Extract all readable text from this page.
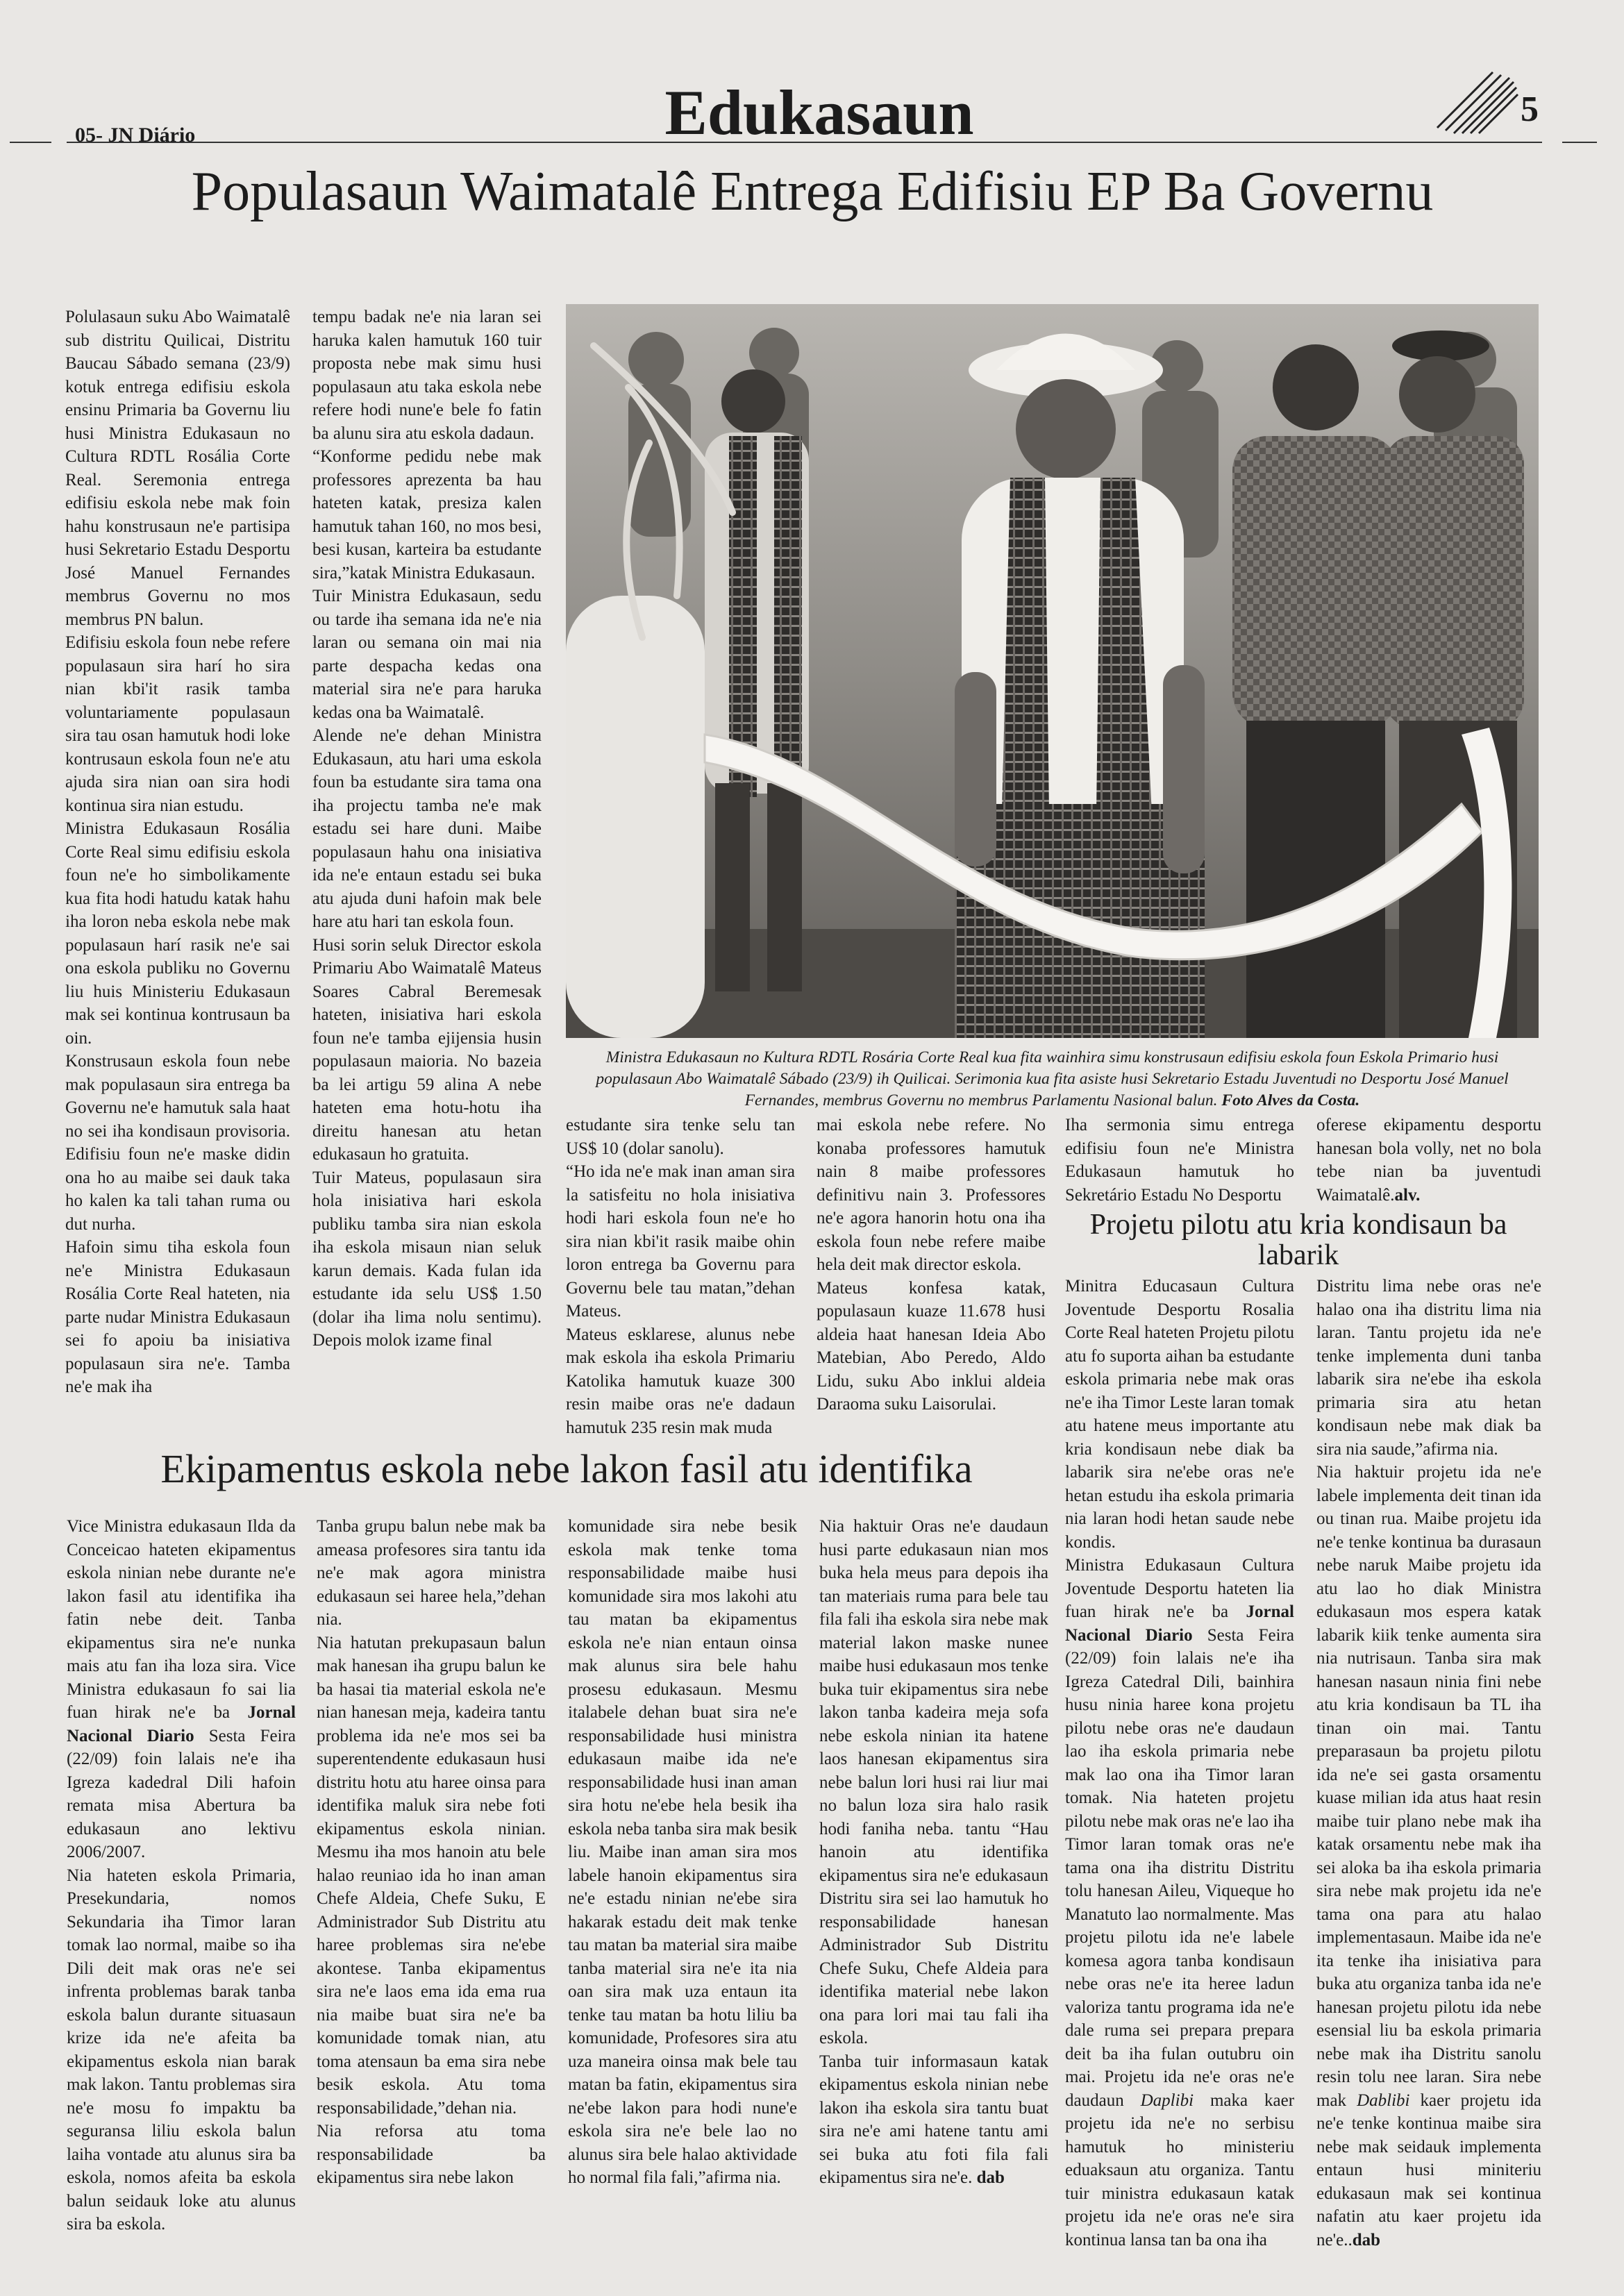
05- JN Diário	Edukasaun	5
Populasaun Waimatalê Entrega Edifisiu EP Ba Governu

Polulasaun suku Abo Waimatalê sub distritu Quilicai, Distritu Baucau Sábado semana (23/9) kotuk entrega edifisiu eskola ensinu Primaria ba Governu liu husi Ministra Edukasaun no Cultura RDTL Rosália Corte Real. Seremonia entrega edifisiu eskola nebe mak foin hahu konstrusaun ne'e partisipa husi Sekretario Estadu Desportu José Manuel Fernandes membrus Governu no mos membrus PN balun.

Edifisiu eskola foun nebe refere populasaun sira harí ho sira nian kbi'it rasik tamba voluntariamente populasaun sira tau osan hamutuk hodi loke kontrusaun eskola foun ne'e atu ajuda sira nian oan sira hodi kontinua sira nian estudu.

Ministra Edukasaun Rosália Corte Real simu edifisiu eskola foun ne'e ho simbolikamente kua fita hodi hatudu katak hahu iha loron neba eskola nebe mak populasaun harí rasik ne'e sai ona eskola publiku no Governu liu huis Ministeriu Edukasaun mak sei kontinua kontrusaun ba oin.

Konstrusaun eskola foun nebe mak populasaun sira entrega ba Governu ne'e hamutuk sala haat no sei iha kondisaun provisoria. Edifisiu foun ne'e maske didin ona ho au maibe sei dauk taka ho kalen ka tali tahan ruma ou dut nurha.

Hafoin simu tiha eskola foun ne'e Ministra Edukasaun Rosália Corte Real hateten, nia parte nudar Ministra Edukasaun sei fo apoiu ba inisiativa populasaun sira ne'e. Tamba ne'e mak iha

tempu badak ne'e nia laran sei haruka kalen hamutuk 160 tuir proposta nebe mak simu husi populasaun atu taka eskola nebe refere hodi nune'e bele fo fatin ba alunu sira atu eskola dadaun.

“Konforme pedidu nebe mak professores aprezenta ba hau hateten katak, presiza kalen hamutuk tahan 160, no mos besi, besi kusan, karteira ba estudante sira,”katak Ministra Edukasaun.

Tuir Ministra Edukasaun, sedu ou tarde iha semana ida ne'e nia laran ou semana oin mai nia parte despacha kedas ona material sira ne'e para haruka kedas ona ba Waimatalê.

Alende ne'e dehan Ministra Edukasaun, atu hari uma eskola foun ba estudante sira tama ona iha projectu tamba ne'e mak estadu sei hare duni. Maibe populasaun hahu ona inisiativa ida ne'e entaun estadu sei buka atu ajuda duni hafoin mak bele hare atu hari tan eskola foun.

Husi sorin seluk Director eskola Primariu Abo Waimatalê Mateus Soares Cabral Beremesak hateten, inisiativa hari eskola foun ne'e tamba ejijensia husin populasaun maioria. No bazeia ba lei artigu 59 alina A nebe hateten ema hotu-hotu iha direitu hanesan atu hetan edukasaun ho gratuita.

Tuir Mateus, populasaun sira hola inisiativa hari eskola publiku tamba sira nian eskola iha eskola misaun nian seluk karun demais. Kada fulan ida estudante ida selu US$ 1.50 (dolar iha lima nolu sentimu). Depois molok izame final

Ministra Edukasaun no Kultura RDTL Rosária Corte Real kua fita wainhira simu konstrusaun edifisiu eskola foun Eskola Primario husi populasaun Abo Waimatalê Sábado (23/9) ih Quilicai. Serimonia kua fita asiste husi Sekretario Estadu Juventudi no Desportu José Manuel Fernandes, membrus Governu no membrus Parlamentu Nasional balun. Foto Alves da Costa.

estudante sira tenke selu tan US$ 10 (dolar sanolu).

“Ho ida ne'e mak inan aman sira la satisfeitu no hola inisiativa hodi hari eskola foun ne'e ho sira nian kbi'it rasik maibe ohin loron entrega ba Governu para Governu bele tau matan,”dehan Mateus.

Mateus esklarese, alunus nebe mak eskola iha eskola Primariu Katolika hamutuk kuaze 300 resin maibe oras ne'e dadaun hamutuk 235 resin mak muda

mai eskola nebe refere. No konaba professores hamutuk nain 8 maibe professores definitivu nain 3. Professores ne'e agora hanorin hotu ona iha eskola foun nebe refere maibe hela deit mak director eskola.

Mateus konfesa katak, populasaun kuaze 11.678 husi aldeia haat hanesan Ideia Abo Matebian, Abo Peredo, Aldo Lidu, suku Abo inklui aldeia Daraoma suku Laisorulai.

Iha sermonia simu entrega edifisiu foun ne'e Ministra Edukasaun hamutuk ho Sekretário Estadu No Desportu

oferese ekipamentu desportu hanesan bola volly, net no bola tebe nian ba juventudi Waimatalê.alv.

Projetu pilotu atu kria kondisaun ba labarik

Minitra Educasaun Cultura Joventude Desportu Rosalia Corte Real hateten Projetu pilotu atu fo suporta aihan ba estudante eskola primaria nebe mak oras ne'e iha Timor Leste laran tomak atu hatene meus importante atu kria kondisaun nebe diak ba labarik sira ne'ebe oras ne'e hetan estudu iha eskola primaria nia laran hodi hetan saude nebe kondis.

Ministra Edukasaun Cultura Joventude Desportu hateten lia fuan hirak ne'e ba Jornal Nacional Diario Sesta Feira (22/09) foin lalais ne'e iha Igreza Catedral Dili, bainhira husu ninia haree kona projetu pilotu nebe oras ne'e daudaun lao iha eskola primaria nebe mak lao ona iha Timor laran tomak. Nia hateten projetu pilotu nebe mak oras ne'e lao iha Timor laran tomak oras ne'e tama ona iha distritu Distritu tolu hanesan Aileu, Viqueque ho Manatuto lao normalmente. Mas projetu pilotu ida ne'e labele komesa agora tanba kondisaun nebe oras ne'e ita heree ladun valoriza tantu programa ida ne'e dale ruma sei prepara prepara deit ba iha fulan outubru oin mai. Projetu ida ne'e oras ne'e daudaun Daplibi maka kaer projetu ida ne'e no serbisu hamutuk ho ministeriu eduaksaun atu organiza. Tantu tuir ministra edukasaun katak projetu ida ne'e oras ne'e sira kontinua lansa tan ba ona iha

Distritu lima nebe oras ne'e halao ona iha distritu lima nia laran. Tantu projetu ida ne'e tenke implementa duni tanba labarik sira ne'ebe iha eskola primaria sira atu hetan kondisaun nebe mak diak ba sira nia saude,”afirma nia.

Nia haktuir projetu ida ne'e labele implementa deit tinan ida ou tinan rua. Maibe projetu ida ne'e tenke kontinua ba durasaun nebe naruk Maibe projetu ida atu lao ho diak Ministra edukasaun mos espera katak labarik kiik tenke aumenta sira nia nutrisaun. Tanba sira mak hanesan nasaun ninia fini nebe atu kria kondisaun ba TL iha tinan oin mai. Tantu preparasaun ba projetu pilotu ida ne'e sei gasta orsamentu kuase milian ida atus haat resin maibe tuir plano nebe mak iha katak orsamentu nebe mak iha sei aloka ba iha eskola primaria sira nebe mak projetu ida ne'e tama ona para atu halao implementasaun. Maibe ida ne'e ita tenke iha inisiativa para buka atu organiza tanba ida ne'e hanesan projetu pilotu ida nebe esensial liu ba eskola primaria nebe mak iha Distritu sanolu resin tolu nee laran. Sira nebe mak Dablibi kaer projetu ida ne'e tenke kontinua maibe sira nebe mak seidauk implementa entaun husi miniteriu edukasaun mak sei kontinua nafatin atu kaer projetu ida ne'e..dab

Ekipamentus eskola nebe lakon fasil atu identifika

Vice Ministra edukasaun Ilda da Conceicao hateten ekipamentus eskola ninian nebe durante ne'e lakon fasil atu identifika iha fatin nebe deit. Tanba ekipamentus sira ne'e nunka mais atu fan iha loza sira. Vice Ministra edukasaun fo sai lia fuan hirak ne'e ba Jornal Nacional Diario Sesta Feira (22/09) foin lalais ne'e iha Igreza kadedral Dili hafoin remata misa Abertura ba edukasaun ano lektivu 2006/2007.

Nia hateten eskola Primaria, Presekundaria, nomos Sekundaria iha Timor laran tomak lao normal, maibe so iha Dili deit mak oras ne'e sei infrenta problemas barak tanba eskola balun durante situasaun krize ida ne'e afeita ba ekipamentus eskola nian barak mak lakon. Tantu problemas sira ne'e mosu fo impaktu ba seguransa liliu eskola balun laiha vontade atu alunus sira ba eskola, nomos afeita ba eskola balun seidauk loke atu alunus sira ba eskola.

Tanba grupu balun nebe mak ba ameasa profesores sira tantu ida ne'e mak agora ministra edukasaun sei haree hela,”dehan nia.

Nia hatutan prekupasaun balun mak hanesan iha grupu balun ke ba hasai tia material eskola ne'e nian hanesan meja, kadeira tantu problema ida ne'e mos sei ba superentendente edukasaun husi distritu hotu atu haree oinsa para identifika maluk sira nebe foti ekipamentus eskola ninian. Mesmu iha mos hanoin atu bele halao reuniao ida ho inan aman Chefe Aldeia, Chefe Suku, E Administrador Sub Distritu atu haree problemas sira ne'ebe akontese. Tanba ekipamentus sira ne'e laos ema ida ema rua nia maibe buat sira ne'e ba komunidade tomak nian, atu toma atensaun ba ema sira nebe besik eskola. Atu toma responsabilidade,”dehan nia.

Nia reforsa atu toma responsabilidade ba ekipamentus sira nebe lakon

komunidade sira nebe besik eskola mak tenke toma responsabilidade maibe husi komunidade sira mos lakohi atu tau matan ba ekipamentus eskola ne'e nian entaun oinsa mak alunus sira bele hahu prosesu edukasaun. Mesmu italabele dehan buat sira ne'e responsabilidade husi ministra edukasaun maibe ida ne'e responsabilidade husi inan aman sira hotu ne'ebe hela besik iha eskola neba tanba sira mak besik liu. Maibe inan aman sira mos labele hanoin ekipamentus sira ne'e estadu ninian ne'ebe sira hakarak estadu deit mak tenke tau matan ba material sira maibe tanba material sira ne'e ita nia oan sira mak uza entaun ita tenke tau matan ba hotu liliu ba komunidade, Profesores sira atu uza maneira oinsa mak bele tau matan ba fatin, ekipamentus sira ne'ebe lakon para hodi nune'e eskola sira ne'e bele lao no alunus sira bele halao aktividade ho normal fila fali,”afirma nia.

Nia haktuir Oras ne'e daudaun husi parte edukasaun nian mos buka hela meus para depois iha tan materiais ruma para bele tau fila fali iha eskola sira nebe mak material lakon maske nunee maibe husi edukasaun mos tenke buka tuir ekipamentus sira nebe lakon tanba kadeira meja sofa nebe eskola ninian ita hatene laos hanesan ekipamentus sira nebe balun lori husi rai liur mai no balun loza sira halo rasik hodi faniha neba. tantu “Hau hanoin atu identifika ekipamentus sira ne'e edukasaun Distritu sira sei lao hamutuk ho responsabilidade hanesan Administrador Sub Distritu Chefe Suku, Chefe Aldeia para identifika material nebe lakon ona para lori mai tau fali iha eskola.

Tanba tuir informasaun katak ekipamentus eskola ninian nebe lakon iha eskola sira tantu buat sira ne'e ami hatene tantu ami sei buka atu foti fila fali ekipamentus sira ne'e. dab
